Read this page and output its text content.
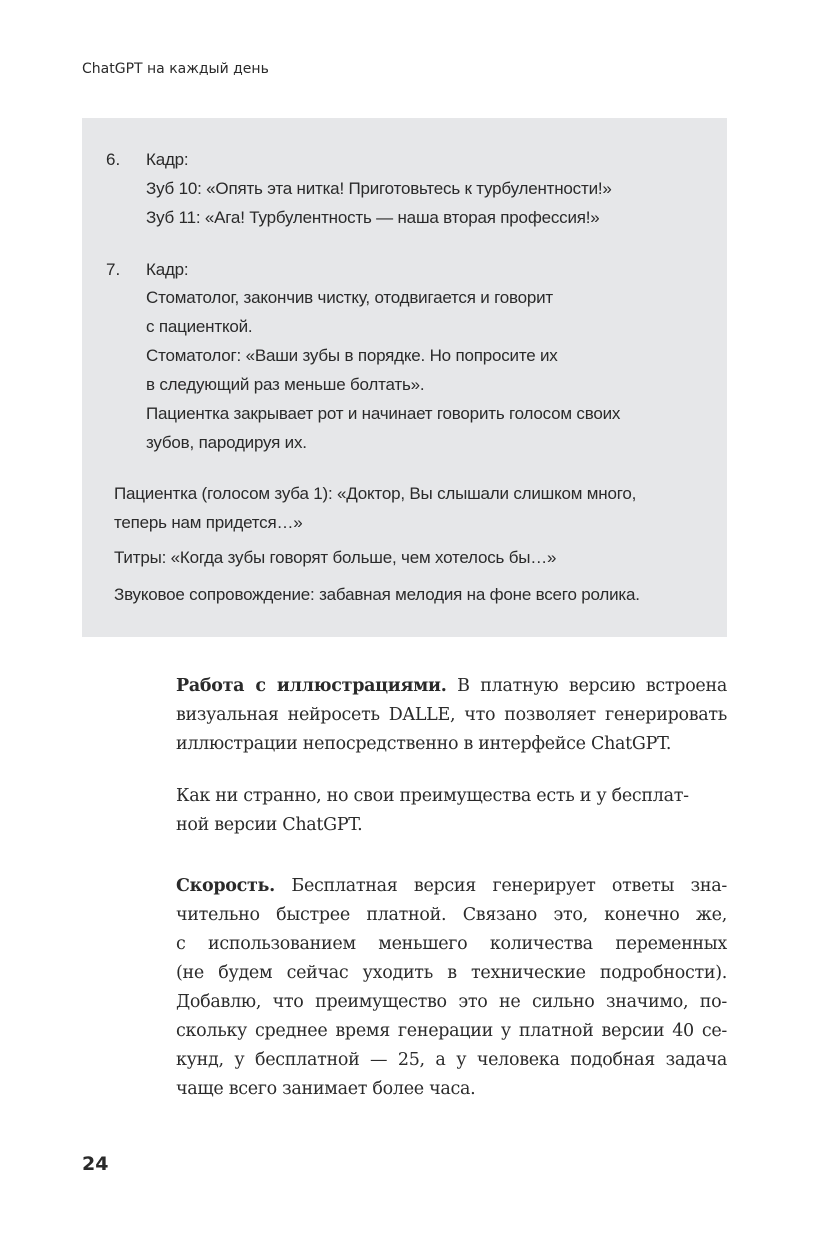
ChatGPT на каждый день
6. Кадр:
Зуб 10: «Опять эта нитка! Приготовьтесь к турбулентности!»
Зуб 11: «Ага! Турбулентность — наша вторая профессия!»
7. Кадр:
Стоматолог, закончив чистку, отодвигается и говорит
с пациенткой.
Стоматолог: «Ваши зубы в порядке. Но попросите их
в следующий раз меньше болтать».
Пациентка закрывает рот и начинает говорить голосом своих
зубов, пародируя их.
Пациентка (голосом зуба 1): «Доктор, Вы слышали слишком много,
теперь нам придется…»
Титры: «Когда зубы говорят больше, чем хотелось бы…»
Звуковое сопровождение: забавная мелодия на фоне всего ролика.
Работа с иллюстрациями. В платную версию встроена
визуальная нейросеть DALLE, что позволяет генерировать
иллюстрации непосредственно в интерфейсе ChatGPT.
Как ни странно, но свои преимущества есть и у бесплат-
ной версии ChatGPT.
Скорость. Бесплатная версия генерирует ответы зна-
чительно быстрее платной. Связано это, конечно же,
с использованием меньшего количества переменных
(не будем сейчас уходить в технические подробности).
Добавлю, что преимущество это не сильно значимо, по-
скольку среднее время генерации у платной версии 40 се-
кунд, у бесплатной — 25, а у человека подобная задача
чаще всего занимает более часа.
24
